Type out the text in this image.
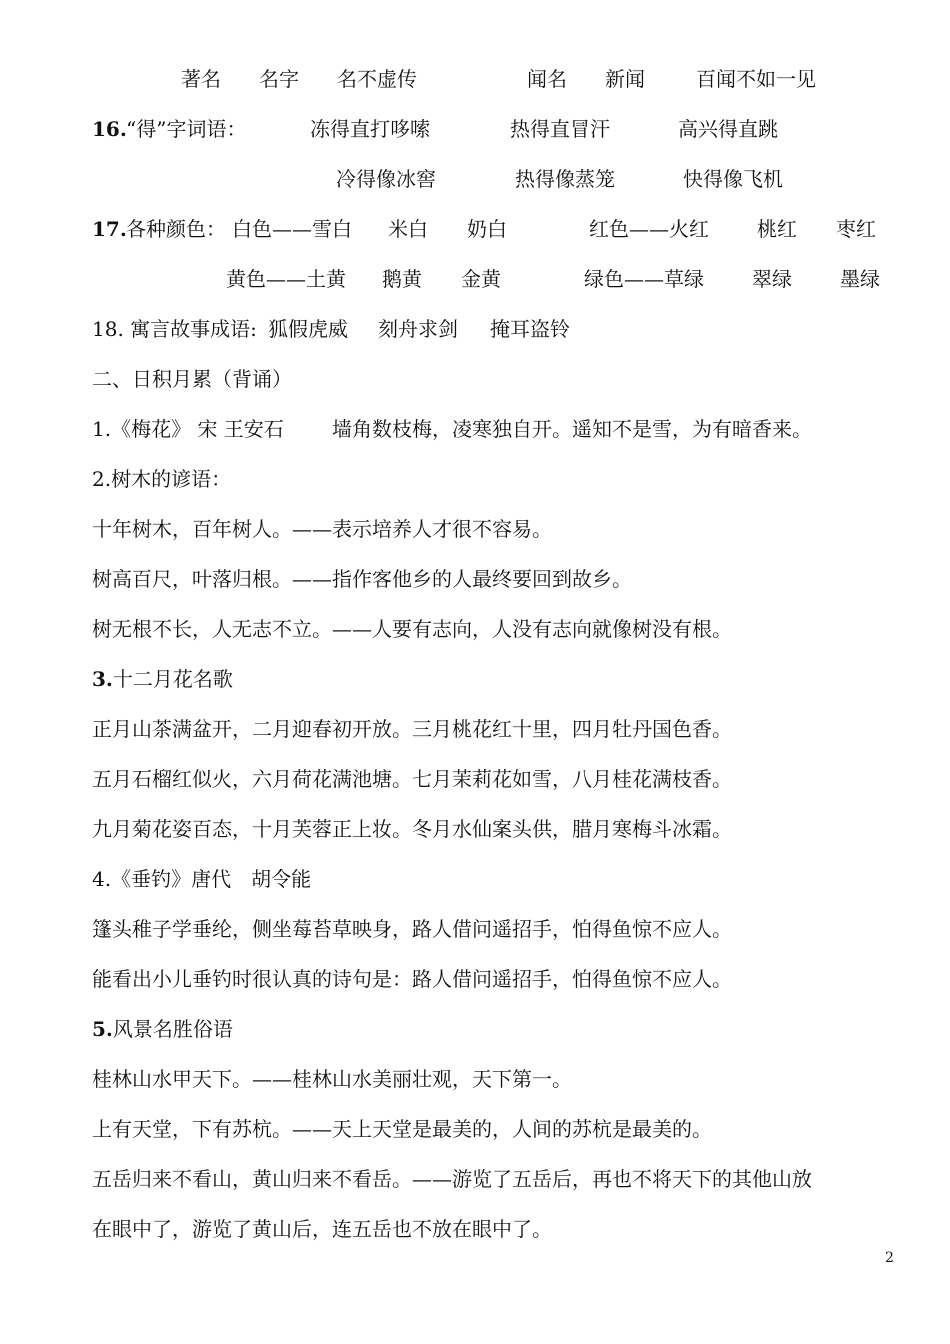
著名 名字 名不虚传	闻名 新闻	百闻不如一见
16. “得”字词语：	冻得直打哆嗦	热得直冒汗	高兴得直跳
冷得像冰窖	热得像蒸笼	快得像飞机
17. 各种颜色： 白色——雪白 米白 奶白	红色——火红 桃红 枣红
黄色——土黄 鹅黄 金黄	绿色——草绿 翠绿 墨绿
18. 寓言故事成语: 狐假虎威 刻舟求剑 掩耳盗铃
二、日积月累（背诵）
1.《梅花》 宋 王安石 墙角数枝梅，凌寒独自开。遥知不是雪，为有暗香来。
2.树木的谚语：
十年树木，百年树人。——表示培养人才很不容易。
树高百尺，叶落归根。——指作客他乡的人最终要回到故乡。
树无根不长，人无志不立。——人要有志向，人没有志向就像树没有根。
3.十二月花名歌
正月山茶满盆开，二月迎春初开放。三月桃花红十里，四月牡丹国色香。
五月石榴红似火，六月荷花满池塘。七月茉莉花如雪，八月桂花满枝香。
九月菊花姿百态，十月芙蓉正上妆。冬月水仙案头供，腊月寒梅斗冰霜。
4.《垂钓》唐代　胡令能
篷头稚子学垂纶，侧坐莓苔草映身，路人借问遥招手，怕得鱼惊不应人。
能看出小儿垂钓时很认真的诗句是：路人借问遥招手，怕得鱼惊不应人。
5.风景名胜俗语
桂林山水甲天下。——桂林山水美丽壮观，天下第一。
上有天堂，下有苏杭。——天上天堂是最美的，人间的苏杭是最美的。
五岳归来不看山，黄山归来不看岳。——游览了五岳后，再也不将天下的其他山放
在眼中了，游览了黄山后，连五岳也不放在眼中了。
2
